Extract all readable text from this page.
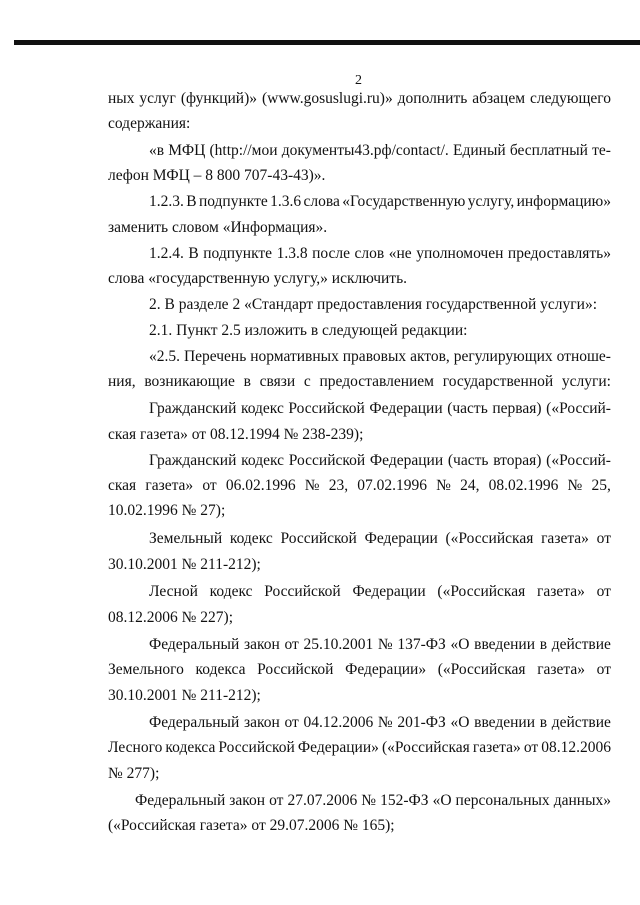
2
ных услуг (функций)» (www.gosuslugi.ru)» дополнить абзацем следующего
содержания:
«в МФЦ (http://мои документы43.рф/contact/. Единый бесплатный те-
лефон МФЦ – 8 800 707-43-43)».
1.2.3. В подпункте 1.3.6 слова «Государственную услугу, информацию»
заменить словом «Информация».
1.2.4. В подпункте 1.3.8 после слов «не уполномочен предоставлять»
слова «государственную услугу,» исключить.
2. В разделе 2 «Стандарт предоставления государственной услуги»:
2.1. Пункт 2.5 изложить в следующей редакции:
«2.5. Перечень нормативных правовых актов, регулирующих отноше-
ния, возникающие в связи с предоставлением государственной услуги:
Гражданский кодекс Российской Федерации (часть первая) («Россий-
ская газета» от 08.12.1994 № 238-239);
Гражданский кодекс Российской Федерации (часть вторая) («Россий-
ская газета» от 06.02.1996 № 23, 07.02.1996 № 24, 08.02.1996 № 25,
10.02.1996 № 27);
Земельный кодекс Российской Федерации («Российская газета» от
30.10.2001 № 211-212);
Лесной кодекс Российской Федерации («Российская газета» от
08.12.2006 № 227);
Федеральный закон от 25.10.2001 № 137-ФЗ «О введении в действие
Земельного кодекса Российской Федерации» («Российская газета» от
30.10.2001 № 211-212);
Федеральный закон от 04.12.2006 № 201-ФЗ «О введении в действие
Лесного кодекса Российской Федерации» («Российская газета» от 08.12.2006
№ 277);
Федеральный закон от 27.07.2006 № 152-ФЗ «О персональных данных»
(«Российская газета» от 29.07.2006 № 165);
